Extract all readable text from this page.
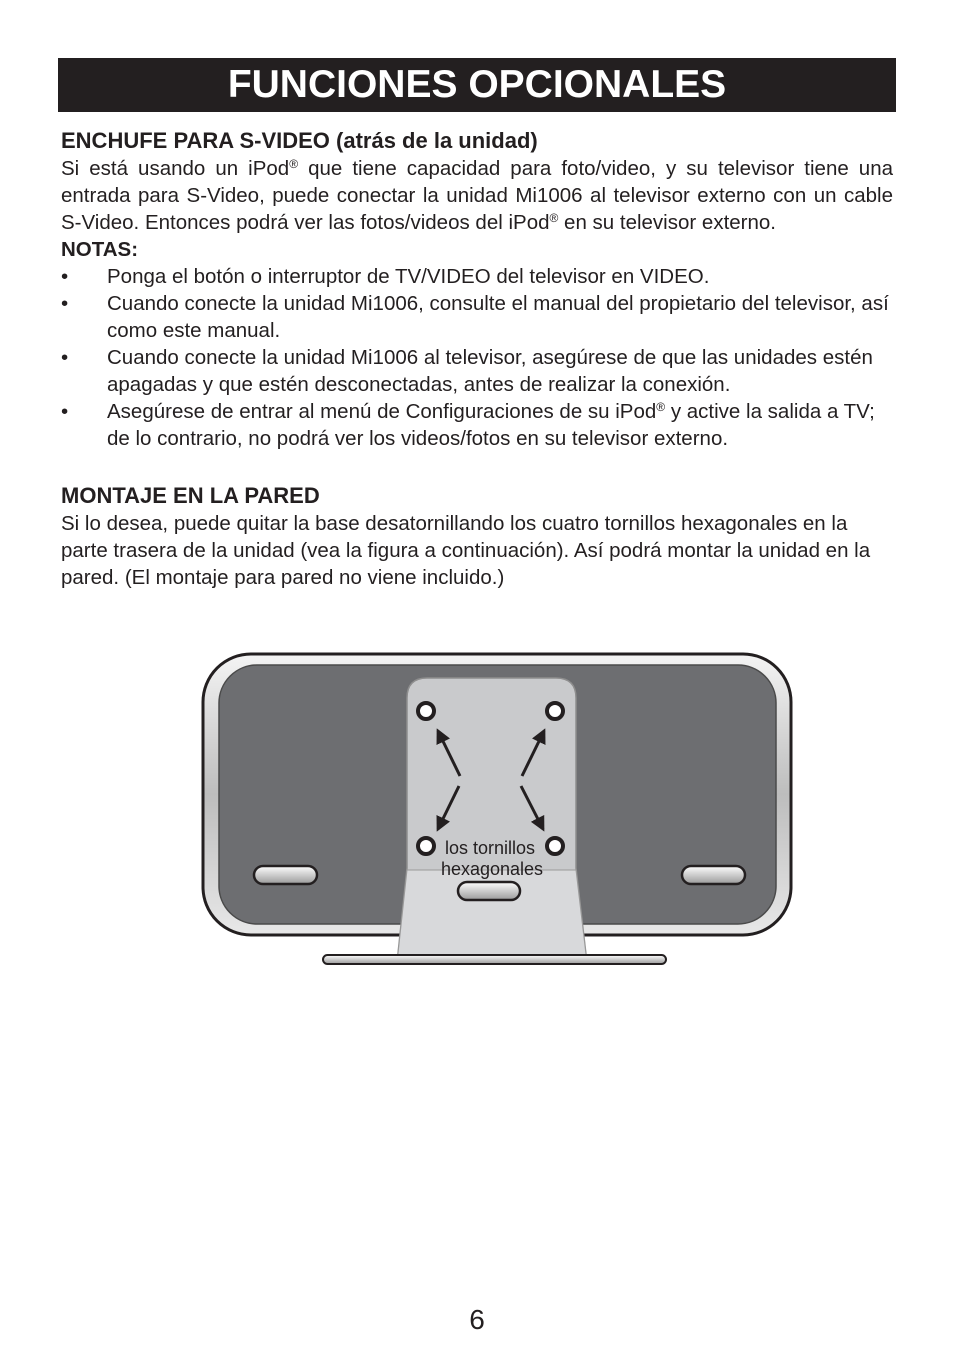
FUNCIONES OPCIONALES
ENCHUFE PARA S-VIDEO (atrás de la unidad)

Si está usando un iPod® que tiene capacidad para foto/video, y su televisor tiene una entrada para S-Video, puede conectar la unidad Mi1006 al televisor externo con un cable S-Video. Entonces podrá ver las fotos/videos del iPod® en su televisor externo.

NOTAS:
• Ponga el botón o interruptor de TV/VIDEO del televisor en VIDEO.
• Cuando conecte la unidad Mi1006, consulte el manual del propietario del televisor, así como este manual.
• Cuando conecte la unidad Mi1006 al televisor, asegúrese de que las unidades estén apagadas y que estén desconectadas, antes de realizar la conexión.
• Asegúrese de entrar al menú de Configuraciones de su iPod® y active la salida a TV; de lo contrario, no podrá ver los videos/fotos en su televisor externo.
MONTAJE EN LA PARED

Si lo desea, puede quitar la base desatornillando los cuatro tornillos hexagonales en la parte trasera de la unidad (vea la figura a continuación). Así podrá montar la unidad en la pared. (El montaje para pared no viene incluido.)

los tornillos
hexagonales
6
